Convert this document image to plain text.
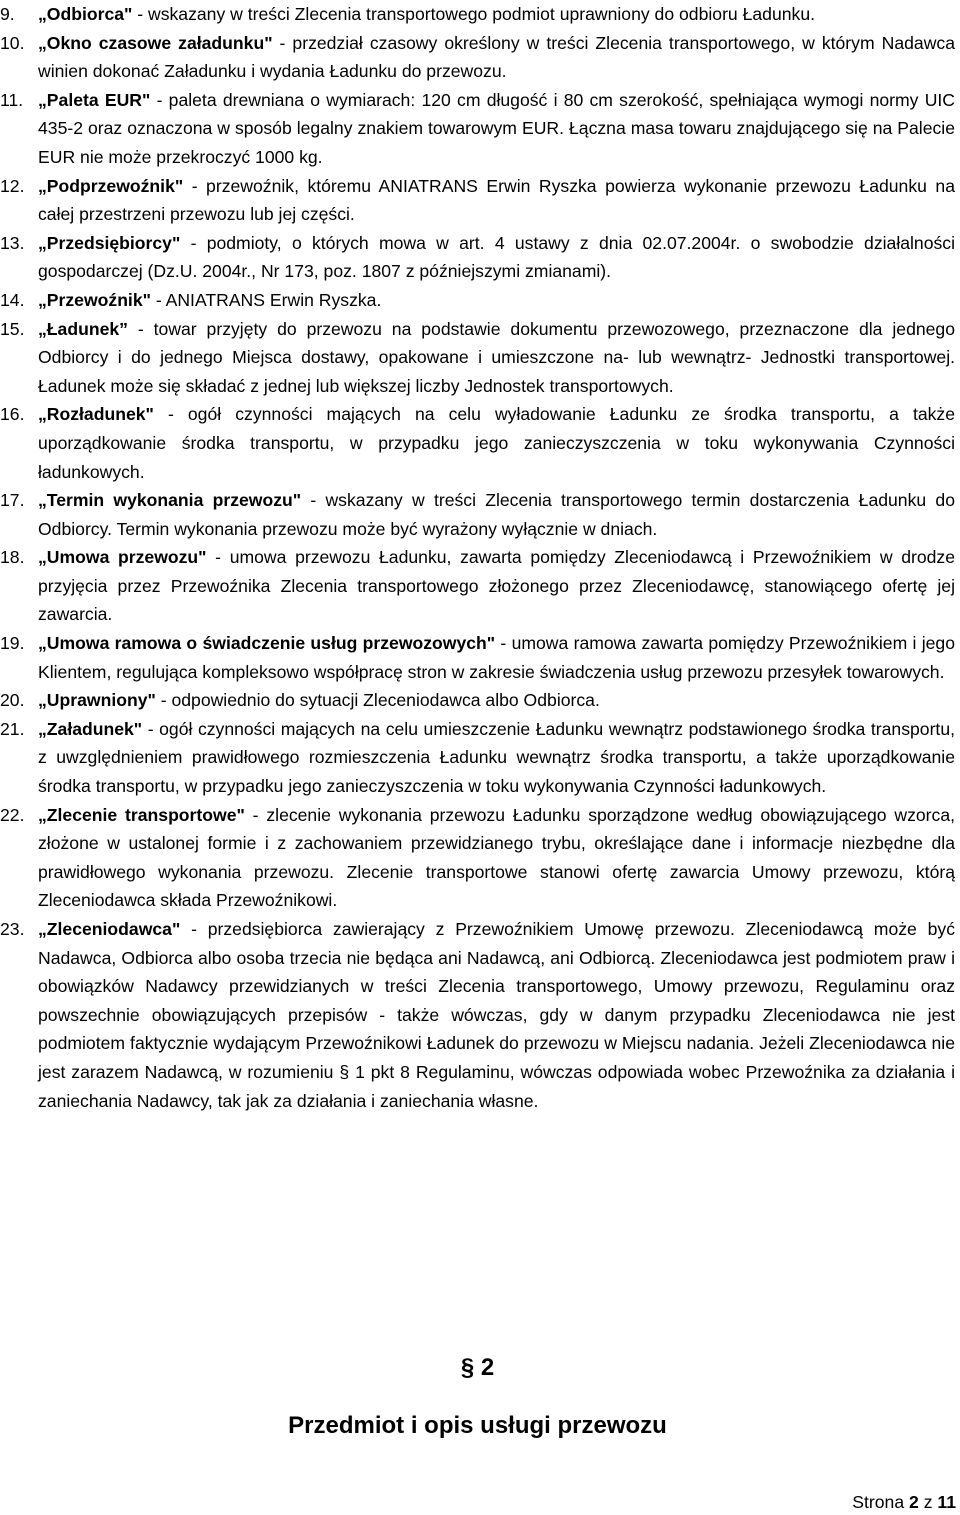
9. „Odbiorca" - wskazany w treści Zlecenia transportowego podmiot uprawniony do odbioru Ładunku.
10. „Okno czasowe załadunku" - przedział czasowy określony w treści Zlecenia transportowego, w którym Nadawca winien dokonać Załadunku i wydania Ładunku do przewozu.
11. „Paleta EUR" - paleta drewniana o wymiarach: 120 cm długość i 80 cm szerokość, spełniająca wymogi normy UIC 435-2 oraz oznaczona w sposób legalny znakiem towarowym EUR. Łączna masa towaru znajdującego się na Palecie EUR nie może przekroczyć 1000 kg.
12. „Podprzewoźnik" - przewoźnik, któremu ANIATRANS Erwin Ryszka powierza wykonanie przewozu Ładunku na całej przestrzeni przewozu lub jej części.
13. „Przedsiębiorcy" - podmioty, o których mowa w art. 4 ustawy z dnia 02.07.2004r. o swobodzie działalności gospodarczej (Dz.U. 2004r., Nr 173, poz. 1807 z późniejszymi zmianami).
14. „Przewoźnik" - ANIATRANS Erwin Ryszka.
15. „Ładunek” - towar przyjęty do przewozu na podstawie dokumentu przewozowego, przeznaczone dla jednego Odbiorcy i do jednego Miejsca dostawy, opakowane i umieszczone na- lub wewnątrz- Jednostki transportowej. Ładunek może się składać z jednej lub większej liczby Jednostek transportowych.
16. „Rozładunek" - ogół czynności mających na celu wyładowanie Ładunku ze środka transportu, a także uporządkowanie środka transportu, w przypadku jego zanieczyszczenia w toku wykonywania Czynności ładunkowych.
17. „Termin wykonania przewozu" - wskazany w treści Zlecenia transportowego termin dostarczenia Ładunku do Odbiorcy. Termin wykonania przewozu może być wyrażony wyłącznie w dniach.
18. „Umowa przewozu" - umowa przewozu Ładunku, zawarta pomiędzy Zleceniodawcą i Przewoźnikiem w drodze przyjęcia przez Przewoźnika Zlecenia transportowego złożonego przez Zleceniodawcę, stanowiącego ofertę jej zawarcia.
19. „Umowa ramowa o świadczenie usług przewozowych" - umowa ramowa zawarta pomiędzy Przewoźnikiem i jego Klientem, regulująca kompleksowo współpracę stron w zakresie świadczenia usług przewozu przesyłek towarowych.
20. „Uprawniony" - odpowiednio do sytuacji Zleceniodawca albo Odbiorca.
21. „Załadunek" - ogół czynności mających na celu umieszczenie Ładunku wewnątrz podstawionego środka transportu, z uwzględnieniem prawidłowego rozmieszczenia Ładunku wewnątrz środka transportu, a także uporządkowanie środka transportu, w przypadku jego zanieczyszczenia w toku wykonywania Czynności ładunkowych.
22. „Zlecenie transportowe" - zlecenie wykonania przewozu Ładunku sporządzone według obowiązującego wzorca, złożone w ustalonej formie i z zachowaniem przewidzianego trybu, określające dane i informacje niezbędne dla prawidłowego wykonania przewozu. Zlecenie transportowe stanowi ofertę zawarcia Umowy przewozu, którą Zleceniodawca składa Przewoźnikowi.
23. „Zleceniodawca" - przedsiębiorca zawierający z Przewoźnikiem Umowę przewozu. Zleceniodawcą może być Nadawca, Odbiorca albo osoba trzecia nie będąca ani Nadawcą, ani Odbiorcą. Zleceniodawca jest podmiotem praw i obowiązków Nadawcy przewidzianych w treści Zlecenia transportowego, Umowy przewozu, Regulaminu oraz powszechnie obowiązujących przepisów - także wówczas, gdy w danym przypadku Zleceniodawca nie jest podmiotem faktycznie wydającym Przewoźnikowi Ładunek do przewozu w Miejscu nadania. Jeżeli Zleceniodawca nie jest zarazem Nadawcą, w rozumieniu § 1 pkt 8 Regulaminu, wówczas odpowiada wobec Przewoźnika za działania i zaniechania Nadawcy, tak jak za działania i zaniechania własne.
§ 2
Przedmiot i opis usługi przewozu
Strona 2 z 11
